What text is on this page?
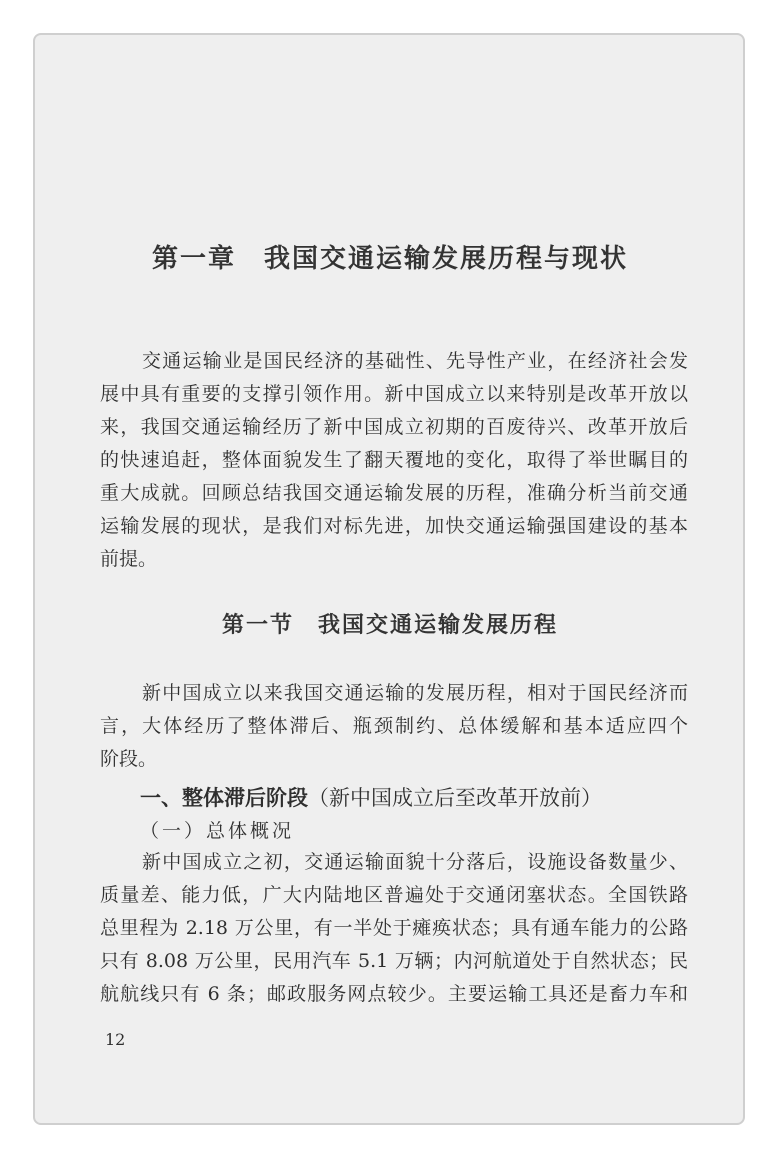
第一章　我国交通运输发展历程与现状
交通运输业是国民经济的基础性、先导性产业，在经济社会发
展中具有重要的支撑引领作用。新中国成立以来特别是改革开放以
来，我国交通运输经历了新中国成立初期的百废待兴、改革开放后
的快速追赶，整体面貌发生了翻天覆地的变化，取得了举世瞩目的
重大成就。回顾总结我国交通运输发展的历程，准确分析当前交通
运输发展的现状，是我们对标先进，加快交通运输强国建设的基本
前提。
第一节　我国交通运输发展历程
新中国成立以来我国交通运输的发展历程，相对于国民经济而
言，大体经历了整体滞后、瓶颈制约、总体缓解和基本适应四个
阶段。
一、整体滞后阶段（新中国成立后至改革开放前）
（一）总体概况
新中国成立之初，交通运输面貌十分落后，设施设备数量少、
质量差、能力低，广大内陆地区普遍处于交通闭塞状态。全国铁路
总里程为 2.18 万公里，有一半处于瘫痪状态；具有通车能力的公路
只有 8.08 万公里，民用汽车 5.1 万辆；内河航道处于自然状态；民
航航线只有 6 条；邮政服务网点较少。主要运输工具还是畜力车和
12
